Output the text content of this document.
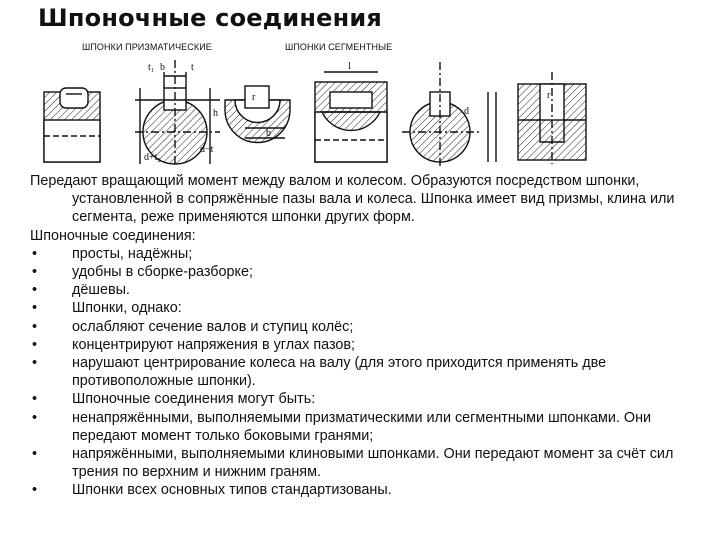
Шпоночные соединения
ШПОНКИ ПРИЗМАТИЧЕСКИЕ	ШПОНКИ СЕГМЕНТНЫЕ
b	t
t₁
h
d−t
d+t₂
r
l
b
d
r

Передают вращающий момент между валом и колесом. Образуются посредством шпонки, установленной в сопряжённые пазы вала и колеса. Шпонка имеет вид призмы, клина или сегмента, реже применяются шпонки других форм.

Шпоночные соединения:

• просты, надёжны;
• удобны в сборке-разборке;
• дёшевы.
• Шпонки, однако:
• ослабляют сечение валов и ступиц колёс;
• концентрируют напряжения в углах пазов;
• нарушают центрирование колеса на валу (для этого приходится применять две противоположные шпонки).
• Шпоночные соединения могут быть:
• ненапряжёнными, выполняемыми призматическими или сегментными шпонками. Они передают момент только боковыми гранями;
• напряжёнными, выполняемыми клиновыми шпонками. Они передают момент за счёт сил трения по верхним и нижним граням.
• Шпонки всех основных типов стандартизованы.
